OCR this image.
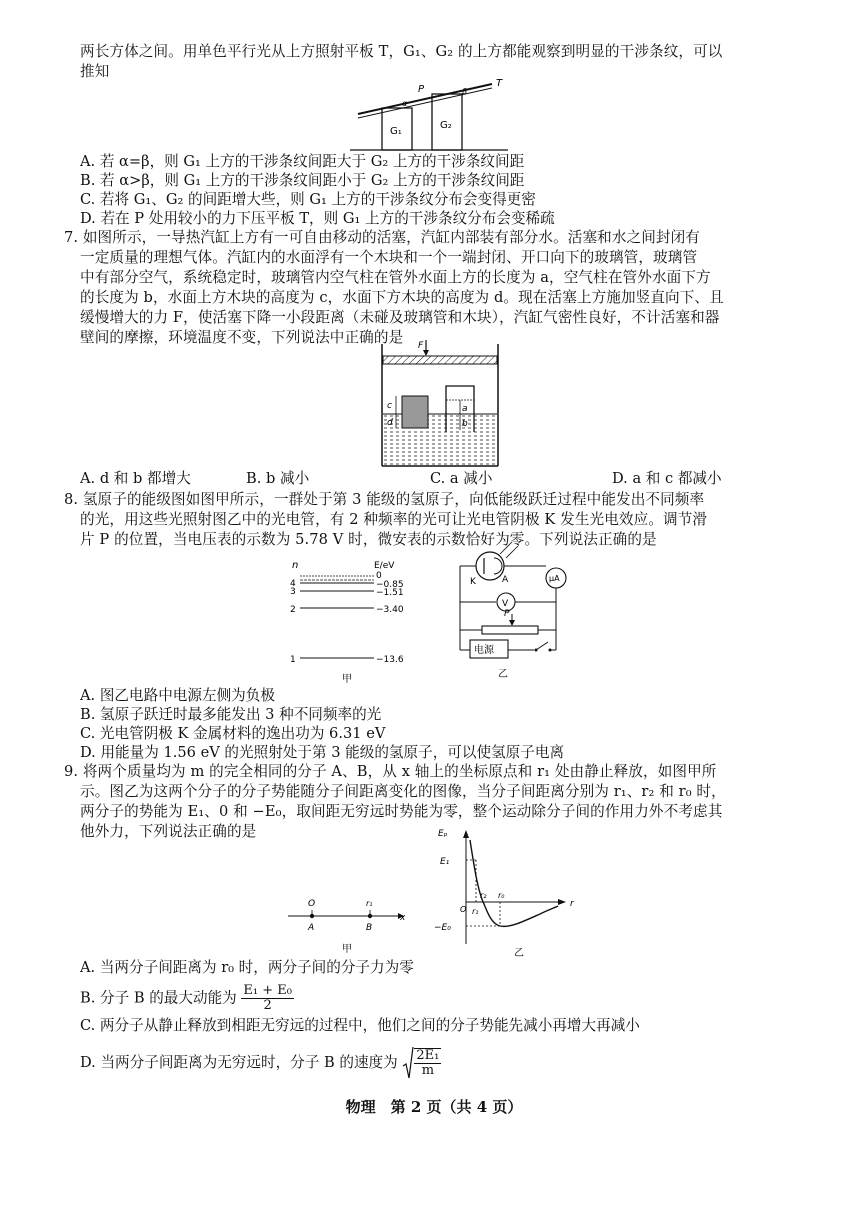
两长方体之间。用单色平行光从上方照射平板 T，G₁、G₂ 的上方都能观察到明显的干涉条纹，可以
推知
G₁
G₂
P
T
α
β
A. 若 α=β，则 G₁ 上方的干涉条纹间距大于 G₂ 上方的干涉条纹间距
B. 若 α>β，则 G₁ 上方的干涉条纹间距小于 G₂ 上方的干涉条纹间距
C. 若将 G₁、G₂ 的间距增大些，则 G₁ 上方的干涉条纹分布会变得更密
D. 若在 P 处用较小的力下压平板 T，则 G₁ 上方的干涉条纹分布会变稀疏
7. 如图所示，一导热汽缸上方有一可自由移动的活塞，汽缸内部装有部分水。活塞和水之间封闭有
一定质量的理想气体。汽缸内的水面浮有一个木块和一个一端封闭、开口向下的玻璃管，玻璃管
中有部分空气，系统稳定时，玻璃管内空气柱在管外水面上方的长度为 a，空气柱在管外水面下方
的长度为 b，水面上方木块的高度为 c，水面下方木块的高度为 d。现在活塞上方施加竖直向下、且
缓慢增大的力 F，使活塞下降一小段距离（未碰及玻璃管和木块），汽缸气密性良好，不计活塞和器
壁间的摩擦，环境温度不变，下列说法中正确的是 F
a
b
c
d
A. d 和 b 都增大	B. b 减小	C. a 减小	D. a 和 c 都减小
8. 氢原子的能级图如图甲所示，一群处于第 3 能级的氢原子，向低能级跃迁过程中能发出不同频率
的光，用这些光照射图乙中的光电管，有 2 种频率的光可让光电管阴极 K 发生光电效应。调节滑
片 P 的位置，当电压表的示数为 5.78 V 时，微安表的示数恰好为零。下列说法正确的是
n	E/eV
0
4	−0.85
3	−1.51
2	−3.40
1	−13.6
甲
K	A	μA
V
P
电源
乙
A. 图乙电路中电源左侧为负极
B. 氢原子跃迁时最多能发出 3 种不同频率的光
C. 光电管阴极 K 金属材料的逸出功为 6.31 eV
D. 用能量为 1.56 eV 的光照射处于第 3 能级的氢原子，可以使氢原子电离
9. 将两个质量均为 m 的完全相同的分子 A、B，从 x 轴上的坐标原点和 r₁ 处由静止释放，如图甲所
示。图乙为这两个分子的分子势能随分子间距离变化的图像，当分子间距离分别为 r₁、r₂ 和 r₀ 时，
两分子的势能为 E₁、0 和 −E₀，取间距无穷远时势能为零，整个运动除分子间的作用力外不考虑其
他外力，下列说法正确的是
x
O	r₁
A	B
甲
Eₚ
E₁
−E₀
O
r
r₁
r₂ r₀
乙
A. 当两分子间距离为 r₀ 时，两分子间的分子力为零
B. 分子 B 的最大动能为 $\frac{\text{E₁ + E₀}}{2}$
C. 两分子从静止释放到相距无穷远的过程中，他们之间的分子势能先减小再增大再减小
D. 当两分子间距离为无穷远时，分子 B 的速度为 $\frac{\text{2E₁}}{m}$
物理　第 2 页（共 4 页）
